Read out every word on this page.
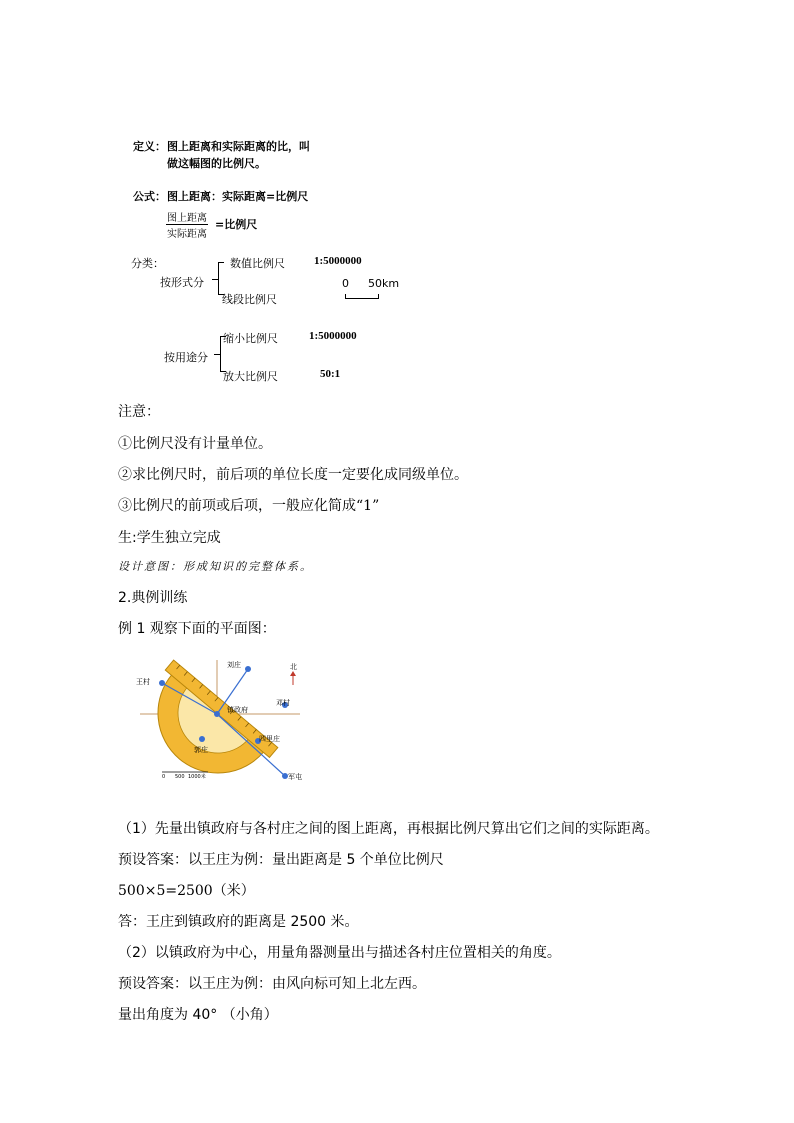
定义： 图上距离和实际距离的比，叫
做这幅图的比例尺。
公式： 图上距离：实际距离=比例尺
图上距离
实际距离
=比例尺
分类：
按形式分
数值比例尺	1:5000000
线段比例尺
0 50km
按用途分
缩小比例尺	1:5000000
放大比例尺	50:1
注意：
①比例尺没有计量单位。
②求比例尺时，前后项的单位长度一定要化成同级单位。
③比例尺的前项或后项，一般应化简成“1”
生:学生独立完成
设计意图：形成知识的完整体系。
2.典例训练
例 1 观察下面的平面图：
刘庄	北
王村
镇政府
邓村
郭庄
四里庄
军屯
0 500 1000米
（1）先量出镇政府与各村庄之间的图上距离，再根据比例尺算出它们之间的实际距离。
预设答案：以王庄为例：量出距离是 5 个单位比例尺
500×5=2500（米）
答：王庄到镇政府的距离是 2500 米。
（2）以镇政府为中心，用量角器测量出与描述各村庄位置相关的角度。
预设答案：以王庄为例：由风向标可知上北左西。
量出角度为 40° （小角）
